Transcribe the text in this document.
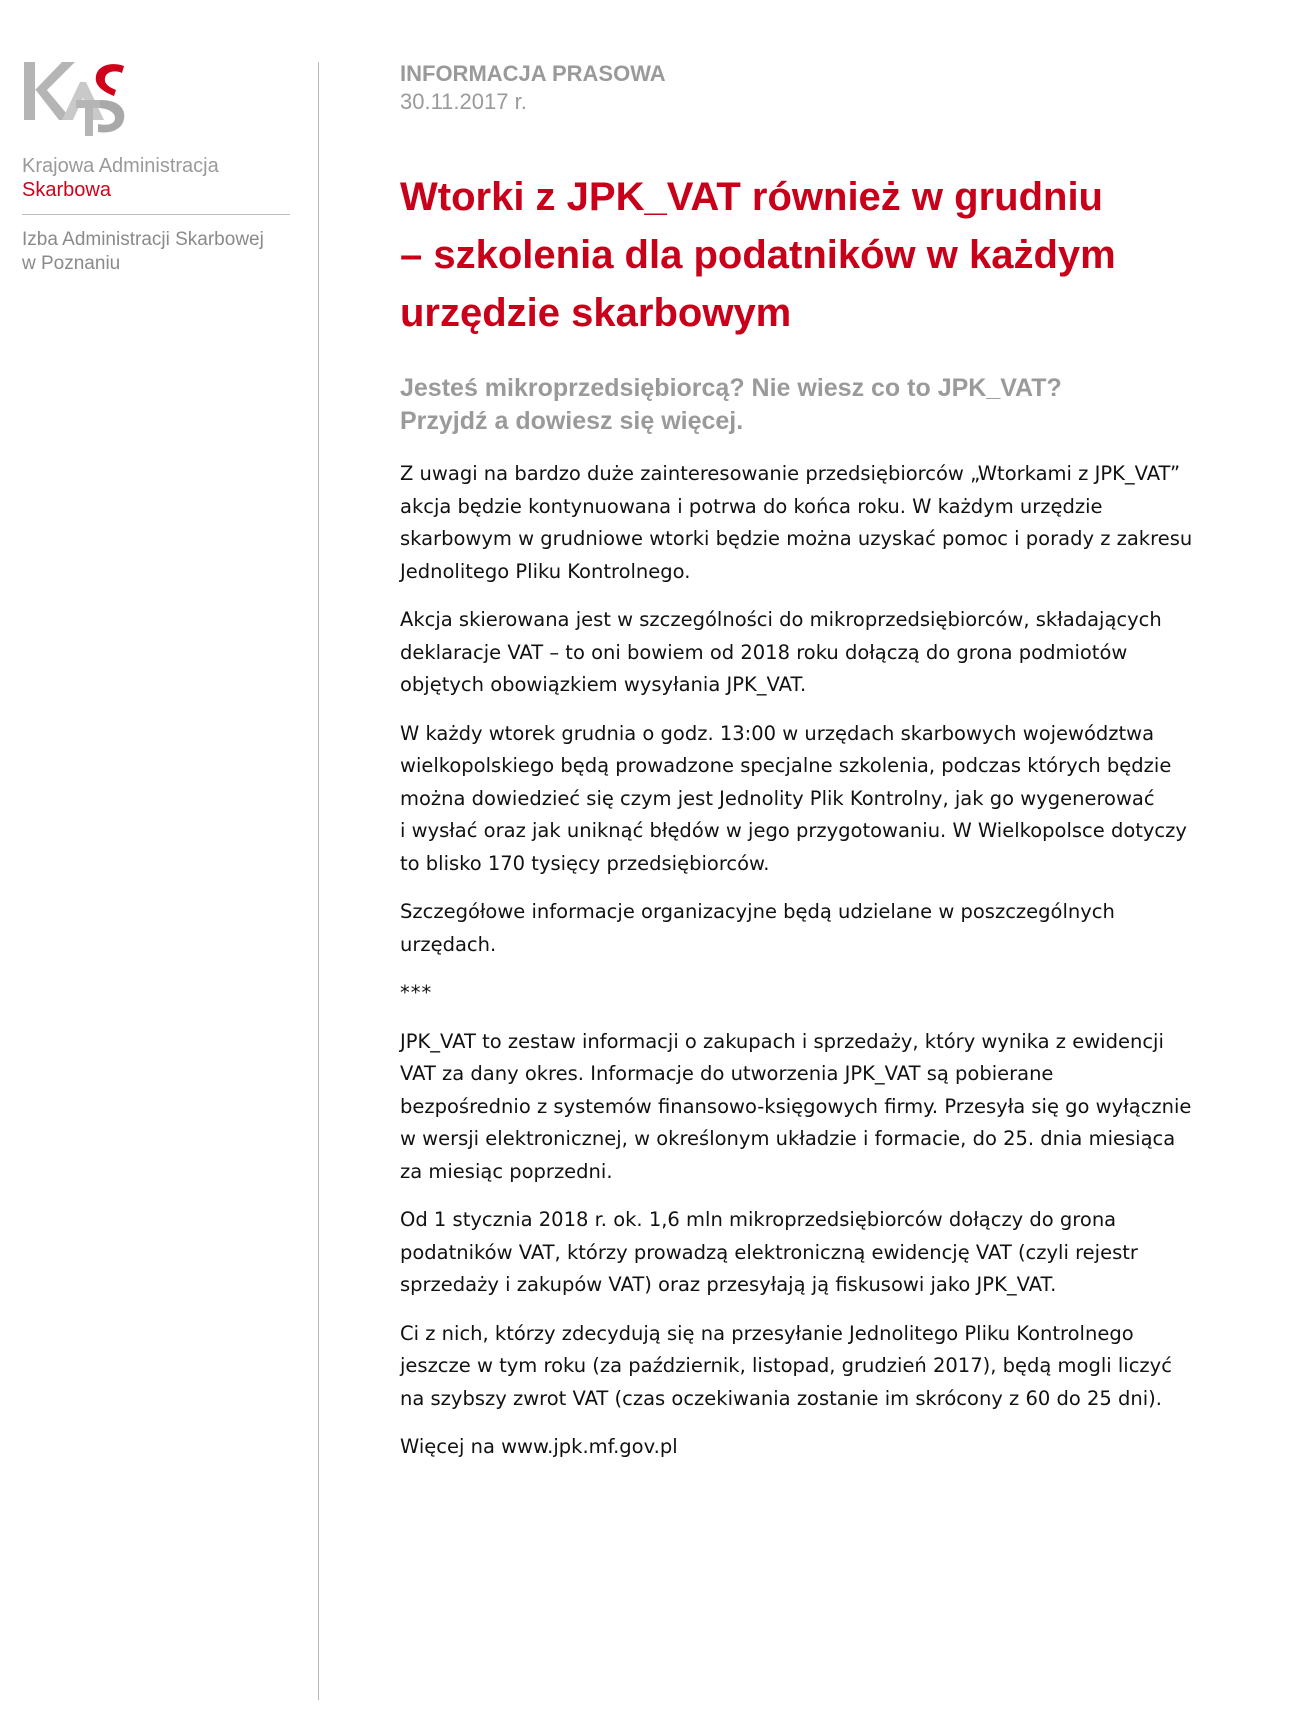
Krajowa Administracja
Skarbowa
Izba Administracji Skarbowej
w Poznaniu

INFORMACJA PRASOWA

30.11.2017 r.

Wtorki z JPK_VAT również w grudniu
– szkolenia dla podatników w każdym
urzędzie skarbowym
Jesteś mikroprzedsiębiorcą? Nie wiesz co to JPK_VAT?
Przyjdź a dowiesz się więcej.

Z uwagi na bardzo duże zainteresowanie przedsiębiorców „Wtorkami z JPK_VAT”
akcja będzie kontynuowana i potrwa do końca roku. W każdym urzędzie
skarbowym w grudniowe wtorki będzie można uzyskać pomoc i porady z zakresu
Jednolitego Pliku Kontrolnego.

Akcja skierowana jest w szczególności do mikroprzedsiębiorców, składających
deklaracje VAT – to oni bowiem od 2018 roku dołączą do grona podmiotów
objętych obowiązkiem wysyłania JPK_VAT.

W każdy wtorek grudnia o godz. 13:00 w urzędach skarbowych województwa
wielkopolskiego będą prowadzone specjalne szkolenia, podczas których będzie
można dowiedzieć się czym jest Jednolity Plik Kontrolny, jak go wygenerować
i wysłać oraz jak uniknąć błędów w jego przygotowaniu. W Wielkopolsce dotyczy
to blisko 170 tysięcy przedsiębiorców.

Szczegółowe informacje organizacyjne będą udzielane w poszczególnych
urzędach.

***

JPK_VAT to zestaw informacji o zakupach i sprzedaży, który wynika z ewidencji
VAT za dany okres. Informacje do utworzenia JPK_VAT są pobierane
bezpośrednio z systemów finansowo-księgowych firmy. Przesyła się go wyłącznie
w wersji elektronicznej, w określonym układzie i formacie, do 25. dnia miesiąca
za miesiąc poprzedni.

Od 1 stycznia 2018 r. ok. 1,6 mln mikroprzedsiębiorców dołączy do grona
podatników VAT, którzy prowadzą elektroniczną ewidencję VAT (czyli rejestr
sprzedaży i zakupów VAT) oraz przesyłają ją fiskusowi jako JPK_VAT.

Ci z nich, którzy zdecydują się na przesyłanie Jednolitego Pliku Kontrolnego
jeszcze w tym roku (za październik, listopad, grudzień 2017), będą mogli liczyć
na szybszy zwrot VAT (czas oczekiwania zostanie im skrócony z 60 do 25 dni).

Więcej na www.jpk.mf.gov.pl
